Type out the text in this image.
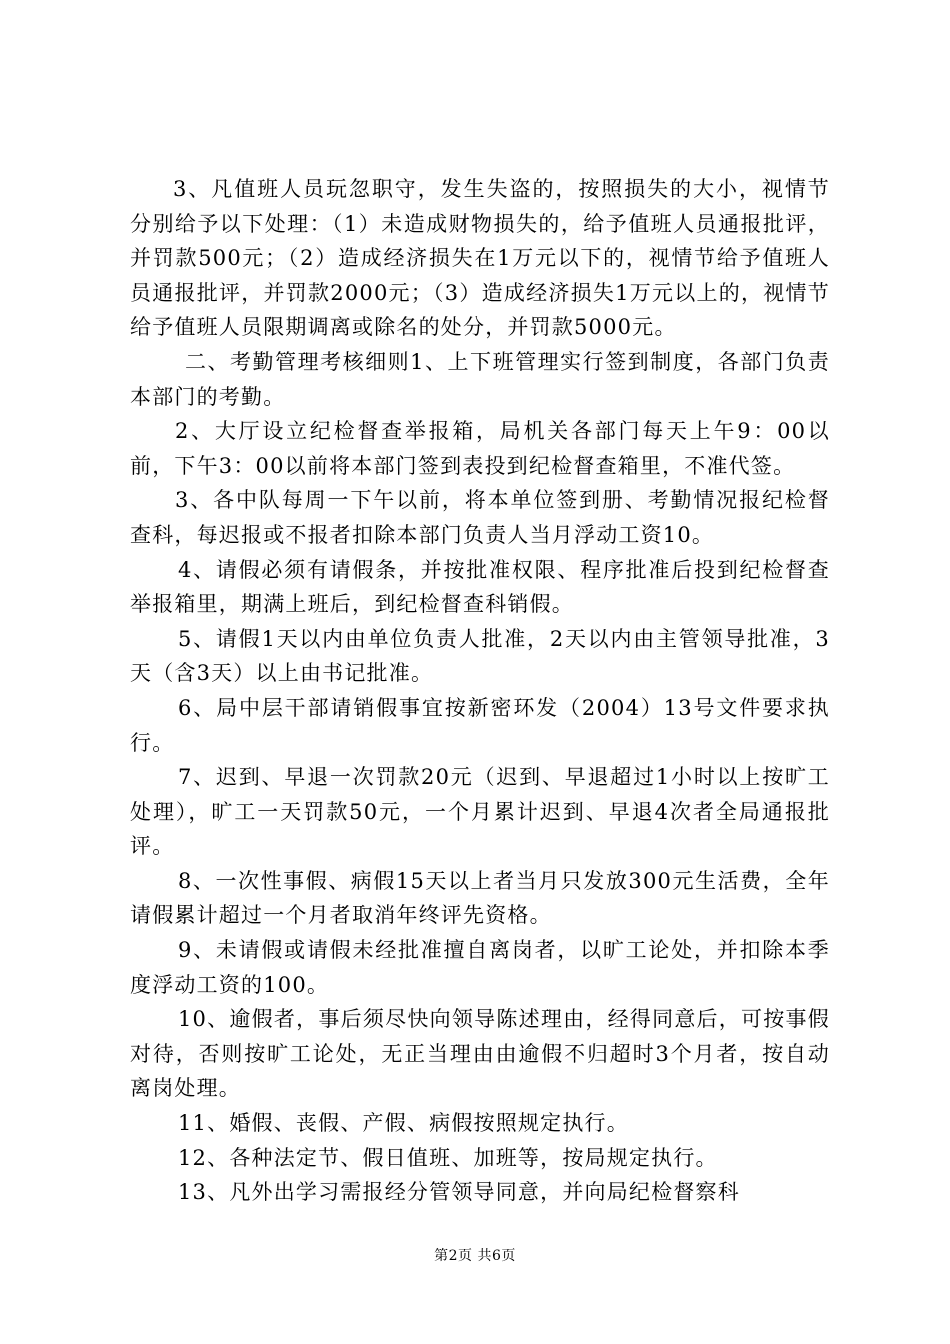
3、凡值班人员玩忽职守，发生失盗的，按照损失的大小，视情节分别给予以下处理：（1）未造成财物损失的，给予值班人员通报批评，并罚款500元；（2）造成经济损失在1万元以下的，视情节给予值班人员通报批评，并罚款2000元；（3）造成经济损失1万元以上的，视情节给予值班人员限期调离或除名的处分，并罚款5000元。

二、考勤管理考核细则1、上下班管理实行签到制度，各部门负责本部门的考勤。

2、大厅设立纪检督查举报箱，局机关各部门每天上午9：00以前，下午3：00以前将本部门签到表投到纪检督查箱里，不准代签。

3、各中队每周一下午以前，将本单位签到册、考勤情况报纪检督查科，每迟报或不报者扣除本部门负责人当月浮动工资10。

4、请假必须有请假条，并按批准权限、程序批准后投到纪检督查举报箱里，期满上班后，到纪检督查科销假。

5、请假1天以内由单位负责人批准，2天以内由主管领导批准，3天（含3天）以上由书记批准。

6、局中层干部请销假事宜按新密环发（2004）13号文件要求执行。

7、迟到、早退一次罚款20元（迟到、早退超过1小时以上按旷工处理），旷工一天罚款50元，一个月累计迟到、早退4次者全局通报批评。

8、一次性事假、病假15天以上者当月只发放300元生活费，全年请假累计超过一个月者取消年终评先资格。

9、未请假或请假未经批准擅自离岗者，以旷工论处，并扣除本季度浮动工资的100。

10、逾假者，事后须尽快向领导陈述理由，经得同意后，可按事假对待，否则按旷工论处，无正当理由由逾假不归超时3个月者，按自动离岗处理。

11、婚假、丧假、产假、病假按照规定执行。

12、各种法定节、假日值班、加班等，按局规定执行。

13、凡外出学习需报经分管领导同意，并向局纪检督察科

第2页 共6页
